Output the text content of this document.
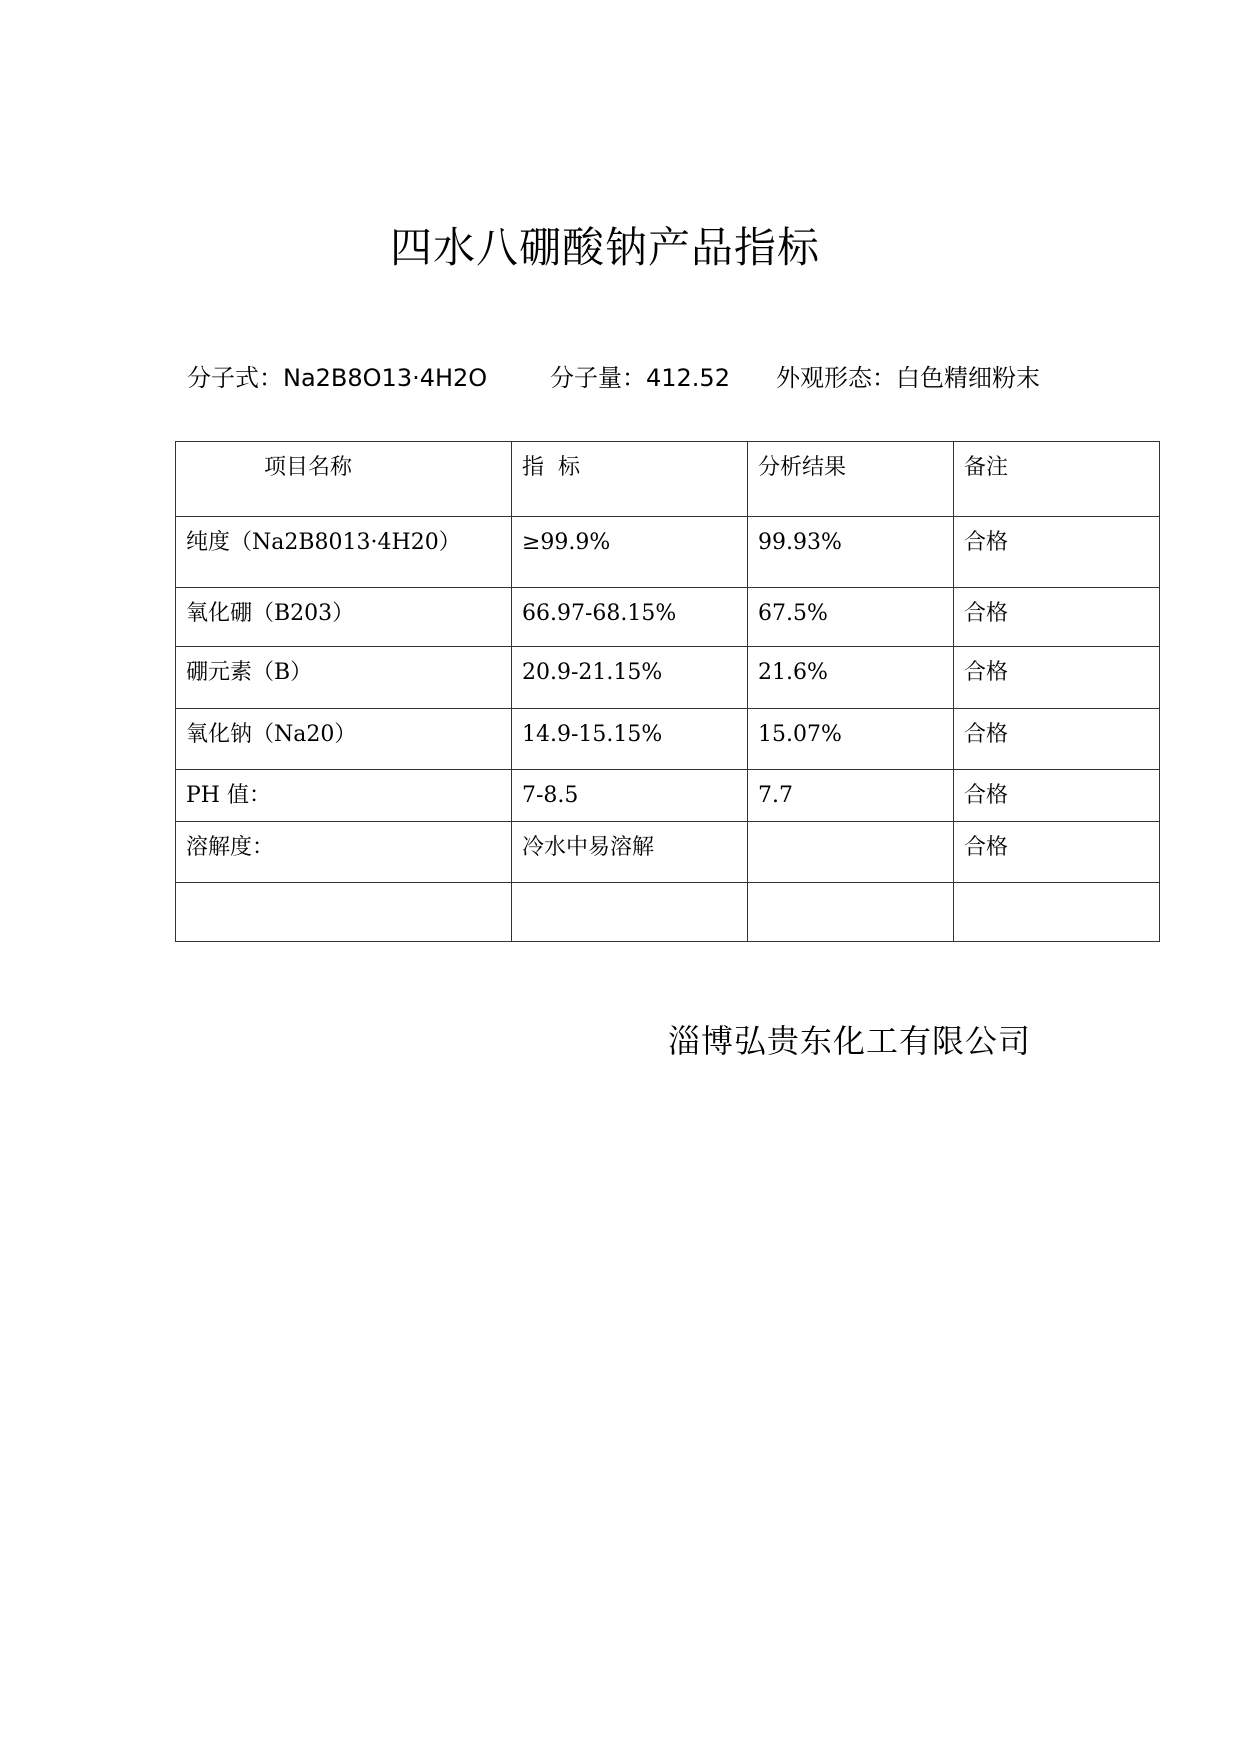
四水八硼酸钠产品指标
分子式：Na2B8O13·4H2O	分子量：412.52 外观形态：白色精细粉末
项目名称	指  标	分析结果	备注
纯度（Na2B8013·4H20）	≥99.9%	99.93%	合格
氧化硼（B203）	66.97-68.15%	67.5%	合格
硼元素（B）	20.9-21.15%	21.6%	合格
氧化钠（Na20）	14.9-15.15%	15.07%	合格
PH 值：	7-8.5	7.7	合格
溶解度：	冷水中易溶解		合格

淄博弘贵东化工有限公司
